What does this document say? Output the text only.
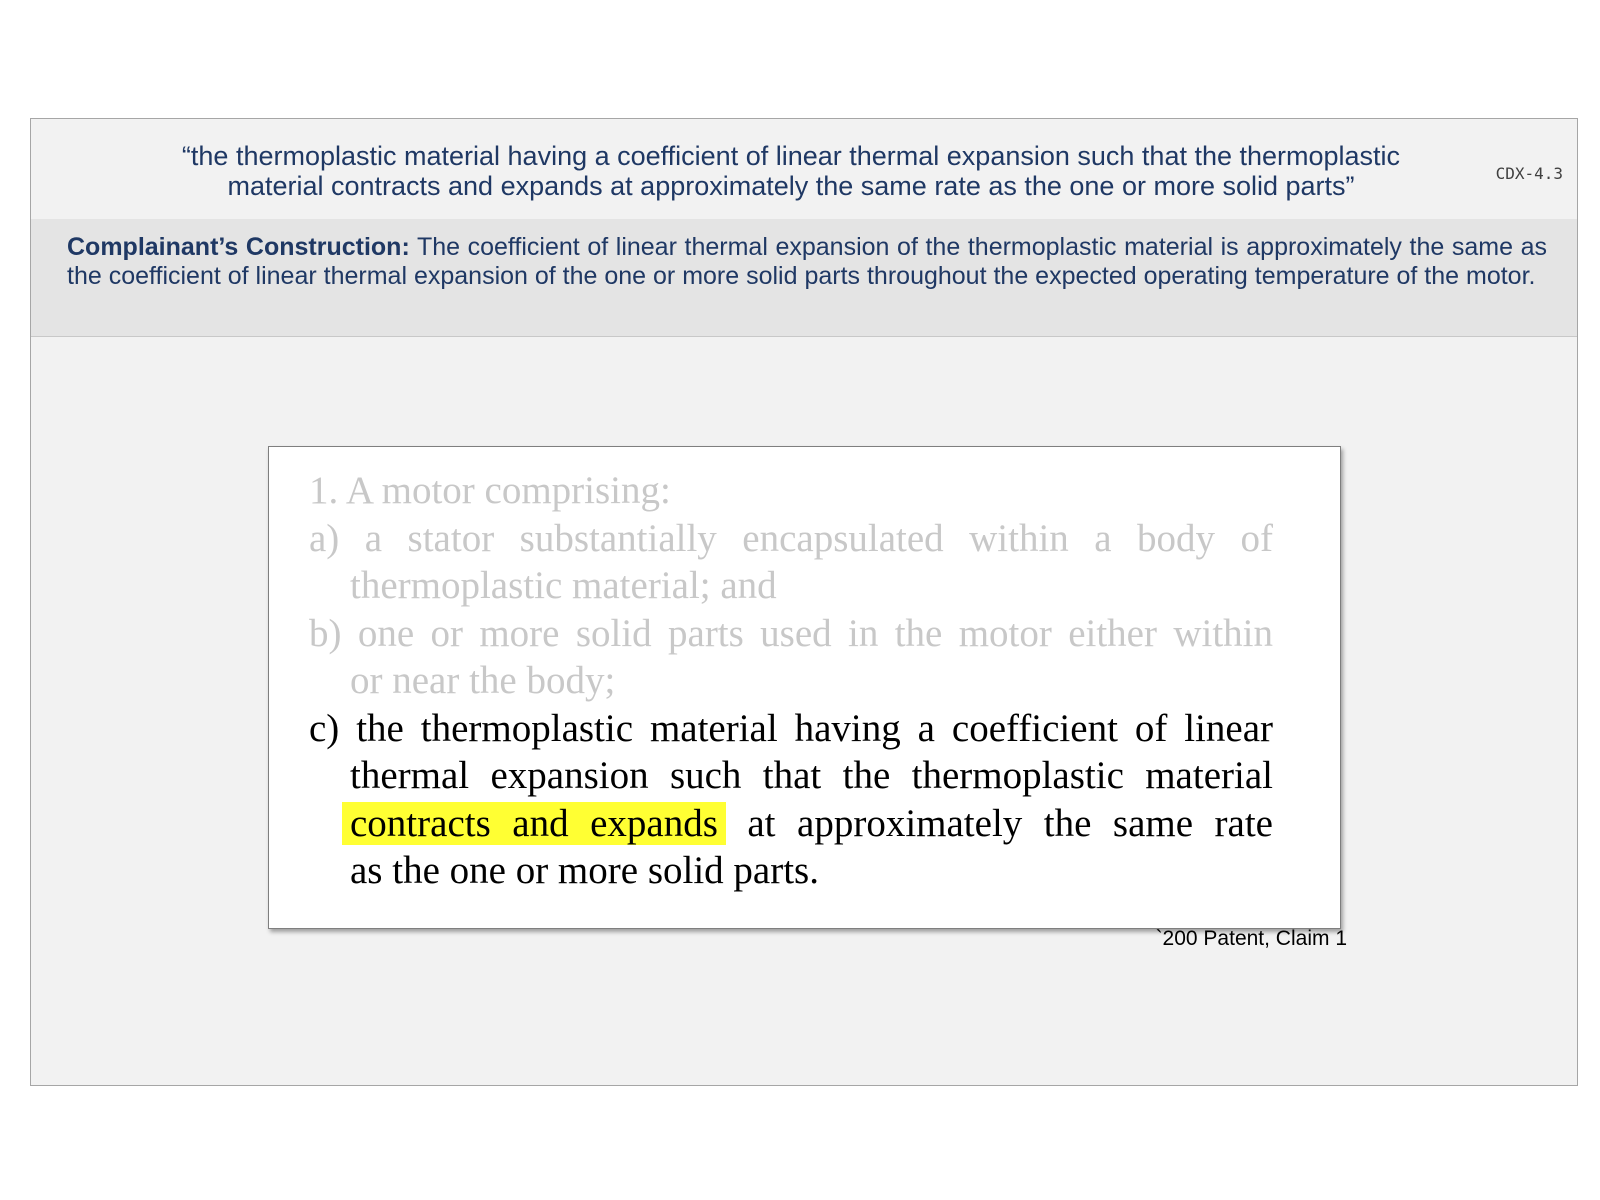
“the thermoplastic material having a coefficient of linear thermal expansion such that the thermoplastic
material contracts and expands at approximately the same rate as the one or more solid parts”	CDX-4.3
Complainant’s Construction: The coefficient of linear thermal expansion of the thermoplastic material is approximately the same as the coefficient of linear thermal expansion of the one or more solid parts throughout the expected operating temperature of the motor.
1. A motor comprising:
a) a stator substantially encapsulated within a body of
thermoplastic material; and
b) one or more solid parts used in the motor either within
or near the body;
c) the thermoplastic material having a coefficient of linear
thermal expansion such that the thermoplastic material
contracts and expands at approximately the same rate
as the one or more solid parts.
`200 Patent, Claim 1
